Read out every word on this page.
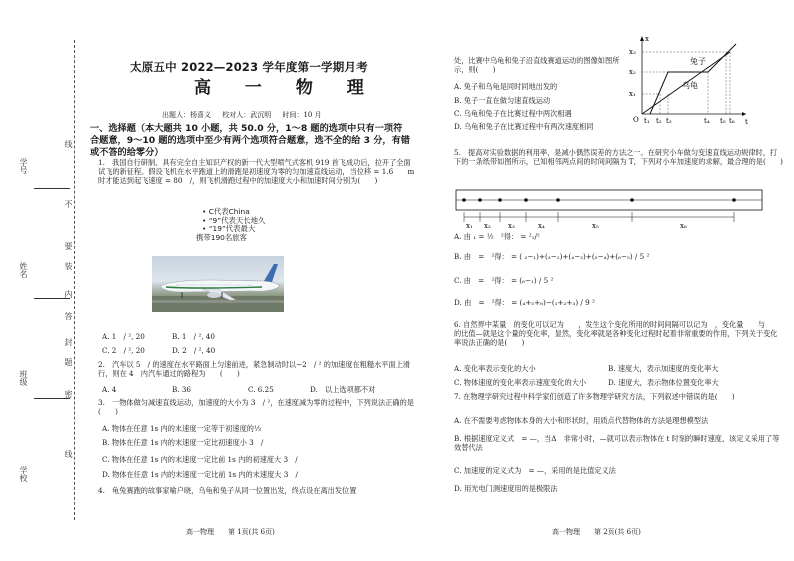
学号
姓名
班级
学校
线
不
要
装
内
答
封
题
密
线
太原五中 2022—2023 学年度第一学期月考
高 一 物 理
出题人：杨喜义 校对人：武沉明 时间：10 月
一、选择题（本大题共 10 小题，共 50.0 分，1～8 题的选项中只有一项符合题意，9～10 题的选项中至少有两个选项符合题意，选不全的给 3 分，有错或不答的给零分）
1.　我国自行研制、具有完全自主知识产权的新一代大型喷气式客机 919 首飞成功后，拉开了全面试飞的新征程。假设飞机在水平跑道上的滑跑是初速度为零的匀加速直线运动，当位移 = 1.6　　m 时才能达到起飞速度 = 80　/，则飞机滑跑过程中的加速度大小和加速时间分别为(　　)
• C代表China
• “9”代表天长地久
• “19”代表最大
携带190名旅客
A. 1　/ ², 20	B. 1　/ ², 40
C. 2　/ ², 20	D. 2　/ ², 40
2.　汽车以 5　/ 的速度在水平路面上匀速前进，紧急制动时以−2　/ ² 的加速度在粗糙水平面上滑行，则在 4　内汽车通过的路程为　　(　　)
A. 4	B. 36	C. 6.25	D.　以上选项都不对
3.　一物体做匀减速直线运动，加速度的大小为 3　/ ²，在速度减为零的过程中，下列说法正确的是　　(　　)
A. 物体在任意 1s 内的末速度一定等于初速度的⅓
B. 物体在任意 1s 内的末速度一定比初速度小 3　/
C. 物体在任意 1s 内的末速度一定比前 1s 内的初速度大 3　/
D. 物体在任意 1s 内的末速度一定比前 1s 内的末速度大 3　/
4.　龟兔赛跑的故事家喻户晓，乌龟和兔子从同一位置出发，终点设在离出发位置
高一物理　　第 1页(共 6页)
处，比赛中乌龟和兔子沿直线赛道运动的图像如图所示，则(　　)
A. 兔子和乌龟是同时同地出发的
B. 兔子一直在做匀速直线运动
C. 乌龟和兔子在比赛过程中两次相遇
D. 乌龟和兔子在比赛过程中有两次速度相同
x
t
O
x₃
x₂
x₁
兔子
乌龟
t₁ t₂ t₃	t₄ t₅ t₆
5.　提高对实验数据的利用率，是减小偶然误差的方法之一。在研究小车做匀变速直线运动规律时，打下的一条纸带如图所示，已知相邻两点间的时间间隔为 T，下列对小车加速度的求解，最合理的是(　　)
x₁ x₂ x₃	x₄	x₅	x₆
A. 由 ₁ = ½　²得： = ²₁/²
B. 由　=　²得： = ( ₂−₁)+(₃−₂)+(₄−₃)+(₅−₄)+(₆−₅) / 5 ²
C. 由　=　²得： = (₆−₁) / 5 ²
D. 由　=　²得： = (₄+₅+₆)−(₁+₂+₃) / 9 ²
6. 自然界中某量　的变化可以记为　　，发生这个变化所用的时间间隔可以记为　，变化量　　与　　的比值—就是这个量的变化率，显然，变化率就是各种变化过程时起着非常重要的作用，下列关于变化率说法正确的是(　　)
A. 变化率表示变化的大小	B. 速度大，表示加速度的变化率大
C. 物体速度的变化率表示速度变化的大小	D. 速度大，表示物体位置变化率大
7. 在物理学研究过程中科学家们创造了许多物理学研究方法，下列叙述中错误的是(　　)
A. 在不需要考虑物体本身的大小和形状时，用质点代替物体的方法是理想模型法
B. 根据速度定义式　= —，当Δ　非常小时，—就可以表示物体在 t 时刻的瞬时速度，该定义采用了等效替代法
C. 加速度的定义式为　= —，采用的是比值定义法
D. 用光电门测速度用的是极限法
高一物理　　第 2页(共 6页)
